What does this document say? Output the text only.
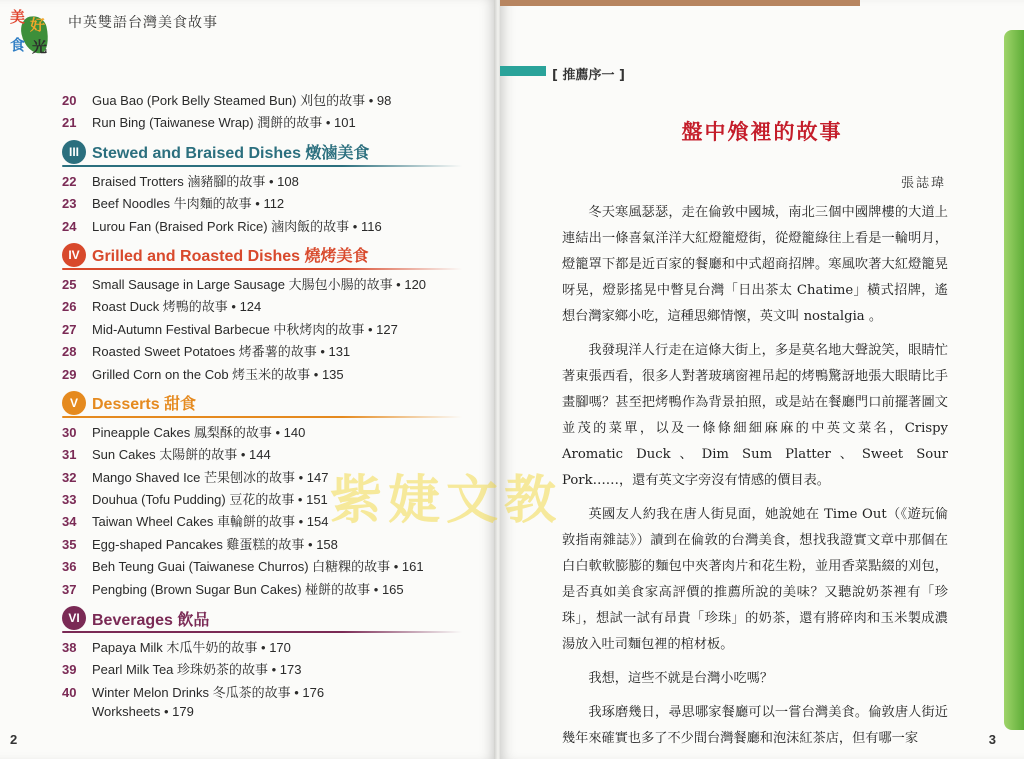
美 好
食 光
中英雙語台灣美食故事
20	Gua Bao (Pork Belly Steamed Bun) 刈包的故事 • 98
21	Run Bing (Taiwanese Wrap) 潤餅的故事 • 101
III Stewed and Braised Dishes 燉滷美食
22	Braised Trotters 滷豬腳的故事 • 108
23	Beef Noodles 牛肉麵的故事 • 112
24	Lurou Fan (Braised Pork Rice) 滷肉飯的故事 • 116
IV Grilled and Roasted Dishes 燒烤美食
25	Small Sausage in Large Sausage 大腸包小腸的故事 • 120
26	Roast Duck 烤鴨的故事 • 124
27	Mid-Autumn Festival Barbecue 中秋烤肉的故事 • 127
28	Roasted Sweet Potatoes 烤番薯的故事 • 131
29	Grilled Corn on the Cob 烤玉米的故事 • 135
V Desserts 甜食
30	Pineapple Cakes 鳳梨酥的故事 • 140
31	Sun Cakes 太陽餅的故事 • 144
32	Mango Shaved Ice 芒果刨冰的故事 • 147
33	Douhua (Tofu Pudding) 豆花的故事 • 151
34	Taiwan Wheel Cakes 車輪餅的故事 • 154
35	Egg-shaped Pancakes 雞蛋糕的故事 • 158
36	Beh Teung Guai (Taiwanese Churros) 白糖粿的故事 • 161
37	Pengbing (Brown Sugar Bun Cakes) 椪餅的故事 • 165
VI Beverages 飲品
38	Papaya Milk 木瓜牛奶的故事 • 170
39	Pearl Milk Tea 珍珠奶茶的故事 • 173
40	Winter Melon Drinks 冬瓜茶的故事 • 176
Worksheets • 179
2
[ 推薦序一 ]
盤中飧裡的故事
張誌瑋

冬天寒風瑟瑟，走在倫敦中國城，南北三個中國牌樓的大道上連結出一條喜氣洋洋大紅燈籠燈街，從燈籠綠往上看是一輪明月，燈籠罩下都是近百家的餐廳和中式超商招牌。寒風吹著大紅燈籠晃呀晃，燈影搖晃中瞥見台灣「日出茶太 Chatime」橫式招牌，遙想台灣家鄉小吃，這種思鄉情懷，英文叫 nostalgia 。

我發現洋人行走在這條大街上，多是莫名地大聲說笑，眼睛忙著東張西看，很多人對著玻璃窗裡吊起的烤鴨驚訝地張大眼睛比手畫腳嗎？甚至把烤鴨作為背景拍照，或是站在餐廳門口前擺著圖文並茂的菜單，以及一條條細細麻麻的中英文菜名，Crispy Aromatic Duck、Dim Sum Platter、Sweet Sour Pork……，還有英文字旁沒有情感的價目表。

英國友人約我在唐人街見面，她說她在 Time Out（《遊玩倫敦指南雜誌》）讀到在倫敦的台灣美食，想找我證實文章中那個在白白軟軟膨膨的麵包中夾著肉片和花生粉，並用香菜點綴的刈包，是否真如美食家高評價的推薦所說的美味？又聽說奶茶裡有「珍珠」，想試一試有昂貴「珍珠」的奶茶，還有將碎肉和玉米製成濃湯放入吐司麵包裡的棺材板。

我想，這些不就是台灣小吃嗎？

我琢磨幾日，尋思哪家餐廳可以一嘗台灣美食。倫敦唐人街近幾年來確實也多了不少間台灣餐廳和泡沫紅茶店，但有哪一家	3
紫婕文教
